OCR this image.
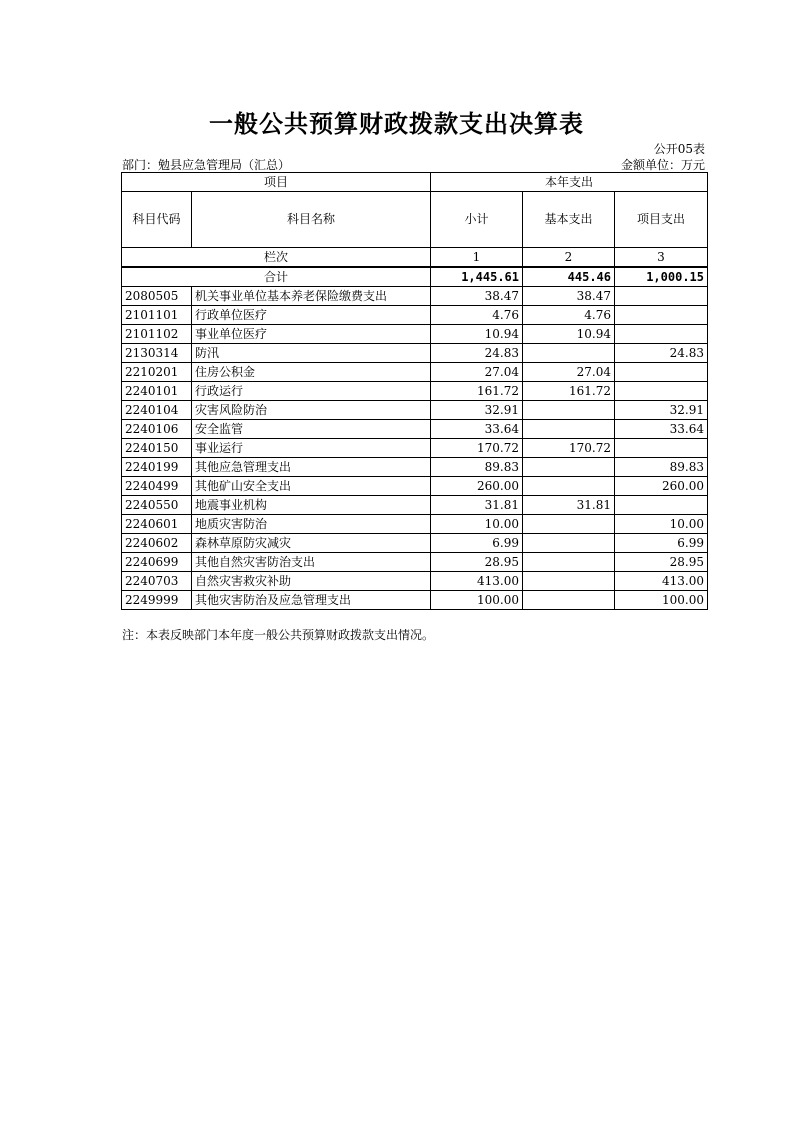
一般公共预算财政拨款支出决算表
公开05表
部门：勉县应急管理局（汇总）	金额单位：万元
项目		本年支出		
科目代码	科目名称	小计	基本支出	项目支出
栏次		1	2	3
合计		1,445.61	445.46	1,000.15
2080505	机关事业单位基本养老保险缴费支出	38.47	38.47	
2101101	行政单位医疗	4.76	4.76	
2101102	事业单位医疗	10.94	10.94	
2130314	防汛	24.83		24.83
2210201	住房公积金	27.04	27.04	
2240101	行政运行	161.72	161.72	
2240104	灾害风险防治	32.91		32.91
2240106	安全监管	33.64		33.64
2240150	事业运行	170.72	170.72	
2240199	其他应急管理支出	89.83		89.83
2240499	其他矿山安全支出	260.00		260.00
2240550	地震事业机构	31.81	31.81	
2240601	地质灾害防治	10.00		10.00
2240602	森林草原防灾减灾	6.99		6.99
2240699	其他自然灾害防治支出	28.95		28.95
2240703	自然灾害救灾补助	413.00		413.00
2249999	其他灾害防治及应急管理支出	100.00		100.00
注：本表反映部门本年度一般公共预算财政拨款支出情况。
